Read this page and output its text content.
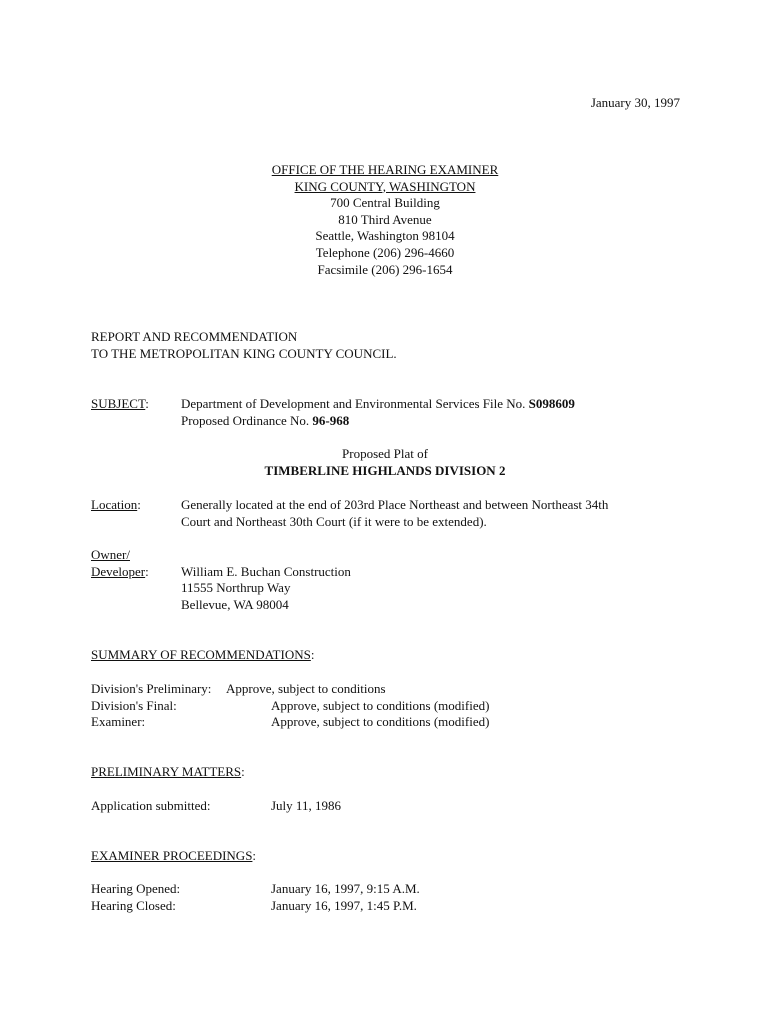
January 30, 1997
OFFICE OF THE HEARING EXAMINER
KING COUNTY, WASHINGTON
700 Central Building
810 Third Avenue
Seattle, Washington 98104
Telephone (206) 296-4660
Facsimile (206) 296-1654
REPORT AND RECOMMENDATION
TO THE METROPOLITAN KING COUNTY COUNCIL.
SUBJECT: Department of Development and Environmental Services File No. S098609
Proposed Ordinance No. 96-968
Proposed Plat of
TIMBERLINE HIGHLANDS DIVISION 2
Location:	Generally located at the end of 203rd Place Northeast and between Northeast 34th
Court and Northeast 30th Court (if it were to be extended).
Owner/
Developer: William E. Buchan Construction
11555 Northrup Way
Bellevue, WA 98004
SUMMARY OF RECOMMENDATIONS:
Division's Preliminary: Approve, subject to conditions
Division's Final:	Approve, subject to conditions (modified)
Examiner:	Approve, subject to conditions (modified)
PRELIMINARY MATTERS:
Application submitted:	July 11, 1986
EXAMINER PROCEEDINGS:
Hearing Opened:	January 16, 1997, 9:15 A.M.
Hearing Closed:	January 16, 1997, 1:45 P.M.
